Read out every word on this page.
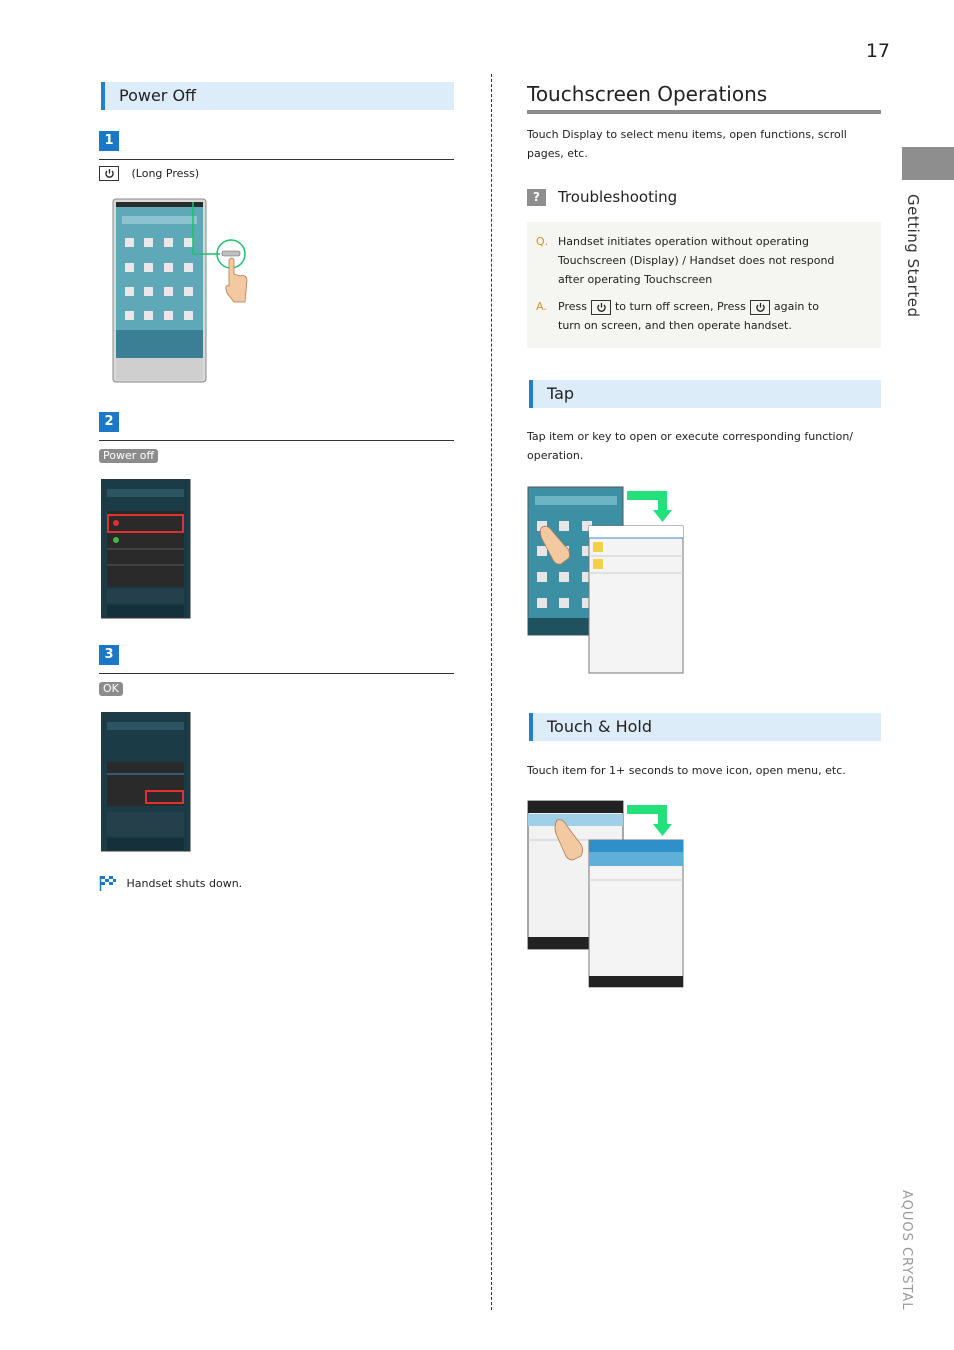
17
Getting Started
AQUOS CRYSTAL
Power Off
1
(Long Press)
2
Power off
3
OK
Handset shuts down.
Touchscreen Operations
Touch Display to select menu items, open functions, scroll
pages, etc.
? Troubleshooting
Q. Handset initiates operation without operating
Touchscreen (Display) / Handset does not respond
after operating Touchscreen
A. Press	to turn off screen, Press	again to
turn on screen, and then operate handset.
Tap
Tap item or key to open or execute corresponding function/
operation.
Touch & Hold
Touch item for 1+ seconds to move icon, open menu, etc.
